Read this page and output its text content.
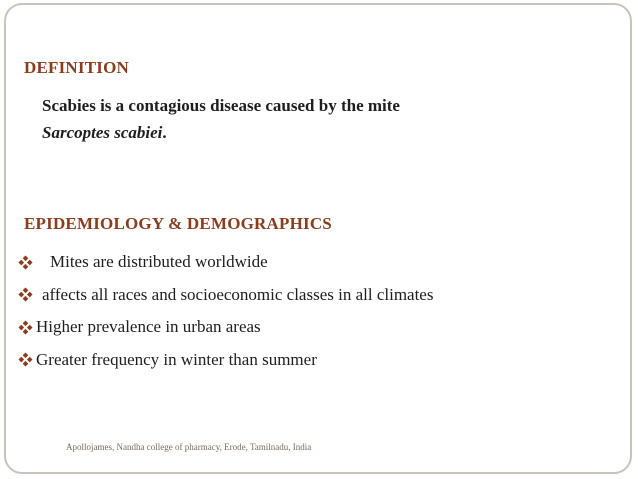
DEFINITION
Scabies is a contagious disease caused by the mite
Sarcoptes scabiei.
EPIDEMIOLOGY & DEMOGRAPHICS
Mites are distributed worldwide
affects all races and socioeconomic classes in all climates
Higher prevalence in urban areas
Greater frequency in winter than summer
Apollojames, Nandha college of pharmacy, Erode, Tamilnadu, India
